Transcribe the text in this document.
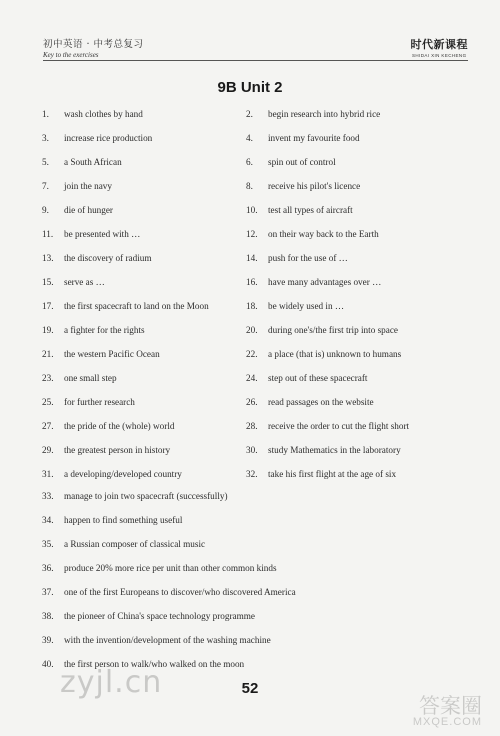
初中英语 · 中考总复习
Key to the exercises
时代新课程
SHIDAI XIN KECHENG
9B Unit 2
1. wash clothes by hand	2. begin research into hybrid rice
3. increase rice production	4. invent my favourite food
5. a South African	6. spin out of control
7. join the navy	8. receive his pilot's licence
9. die of hunger	10. test all types of aircraft
11. be presented with …	12. on their way back to the Earth
13. the discovery of radium	14. push for the use of …
15. serve as …	16. have many advantages over …
17. the first spacecraft to land on the Moon	18. be widely used in …
19. a fighter for the rights	20. during one's/the first trip into space
21. the western Pacific Ocean	22. a place (that is) unknown to humans
23. one small step	24. step out of these spacecraft
25. for further research	26. read passages on the website
27. the pride of the (whole) world	28. receive the order to cut the flight short
29. the greatest person in history	30. study Mathematics in the laboratory
31. a developing/developed country	32. take his first flight at the age of six
33. manage to join two spacecraft (successfully)
34. happen to find something useful
35. a Russian composer of classical music
36. produce 20% more rice per unit than other common kinds
37. one of the first Europeans to discover/who discovered America
38. the pioneer of China's space technology programme
39. with the invention/development of the washing machine
40. the first person to walk/who walked on the moon
zyjl.cn	52
答案圈
MXQE.COM
